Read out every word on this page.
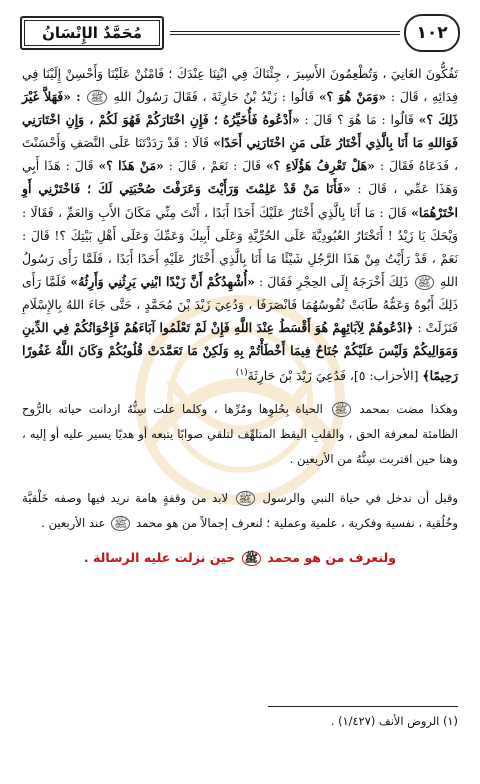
مُحَمَّدٌ الإِنْسَانُ	١٠٢

تَفُكُّونَ العَانِيَ ، وَتُطْعِمُونَ الأَسِيرَ ، جِئْنَاكَ فِي ابْنِنَا عِنْدَكَ ؛ فَامْنُنْ عَلَيْنَا وَأَحْسِنْ إِلَيْنَا فِي فِدَائِهِ ، قَالَ : «وَمَنْ هُوَ ؟» قَالُوا : زَيْدُ بْنُ حَارِثَةَ ، فَقَالَ رَسُولُ اللهِ ﷺ : «فَهَلاَّ غَيْرَ ذَلِكَ ؟» قَالُوا : مَا هُوَ ؟ قَالَ : «أَدْعُوهُ فَأُخَيِّرُهُ ؛ فَإِنِ اخْتَارَكُمْ فَهُوَ لَكُمْ ، وَإِنِ اخْتَارَنِي فَوَاللهِ مَا أَنَا بِالَّذِي أَخْتَارُ عَلَى مَنِ اخْتَارَنِي أَحَدًا» قَالَا : قَدْ رَدَدْتَنَا عَلَى النَّصَفِ وَأَحْسَنْتَ ، فَدَعَاهُ فَقَالَ : «هَلْ تَعْرِفُ هَؤُلَاءِ ؟» قَالَ : نَعَمْ ، قَالَ : «مَنْ هَذَا ؟» قَالَ : هَذَا أَبِي وَهَذَا عَمِّي ، قَالَ : «فَأَنَا مَنْ قَدْ عَلِمْتَ وَرَأَيْتَ وَعَرَفْتَ صُحْبَتِي لَكَ ؛ فَاخْتَرْنِي أَوِ اخْتَرْهُمَا» قَالَ : مَا أَنَا بِالَّذِي أَخْتَارُ عَلَيْكَ أَحَدًا أَبَدًا ، أَنْتَ مِنِّي مَكَانَ الأَبِ وَالعَمِّ ، فَقَالَا : وَيْحَكَ يَا زَيْدُ ! أَتَخْتَارُ العُبُودِيَّةَ عَلَى الحُرِّيَّةِ وَعَلَى أَبِيكَ وَعَمِّكَ وَعَلَى أَهْلِ بَيْتِكَ ؟! قَالَ : نَعَمْ ، قَدْ رَأَيْتُ مِنْ هَذَا الرَّجُلِ شَيْئًا مَا أَنَا بِالَّذِي أَخْتَارُ عَلَيْهِ أَحَدًا أَبَدًا ، فَلَمَّا رَأَى رَسُولُ اللهِ ﷺ ذَلِكَ أَخْرَجَهُ إِلَى الحِجْرِ فَقَالَ : «أُشْهِدُكُمْ أَنَّ زَيْدًا ابْنِي يَرِثُنِي وَأَرِثُهُ» فَلَمَّا رَأَى ذَلِكَ أَبُوهُ وَعَمُّهُ طَابَتْ نُفُوسُهُمَا فَانْصَرَفَا ، وَدُعِيَ زَيْدَ بْنَ مُحَمَّدٍ ، حَتَّى جَاءَ اللهُ بِالإِسْلَامِ فَنَزَلَتْ : ﴿ادْعُوهُمْ لِآبَائِهِمْ هُوَ أَقْسَطُ عِنْدَ اللَّهِ فَإِنْ لَمْ تَعْلَمُوا آبَاءَهُمْ فَإِخْوَانُكُمْ فِي الدِّينِ وَمَوَالِيكُمْ وَلَيْسَ عَلَيْكُمْ جُنَاحٌ فِيمَا أَخْطَأْتُمْ بِهِ وَلَكِنْ مَا تَعَمَّدَتْ قُلُوبُكُمْ وَكَانَ اللَّهُ غَفُورًا رَحِيمًا﴾ [الأحزاب: ٥]، فَدُعِيَ زَيْدَ بْنَ حَارِثَةَ$^{(١)}$

وهكذا مضت بمحمد ﷺ الحياة بِحُلوِها ومُرِّها ، وكلما علت سِنُّهُ ازدانت حياته بالرُّوح الظامئة لمعرفة الحق ، والقلبِ اليقظ المتلهِّف لتلقي صوابًا يتبعه أو هديًا يسير عليه أو إليه ، وهنا حين اقتربت سِنُّهُ من الأربعين .

وقبل أن ندخل في حياة النبي والرسول ﷺ لابد من وقفةٍ هامة نريد فيها وصفه خَلْقيَّة وخُلُقية ، نفسية وفكرية ، علمية وعملية ؛ لنعرف إجمالاً من هو محمد ﷺ عند الأربعين .

ولنعرف من هو محمد ﷺ حين نزلت عليه الرسالة .

(١) الروض الأنف (١/٤٢٧) .
